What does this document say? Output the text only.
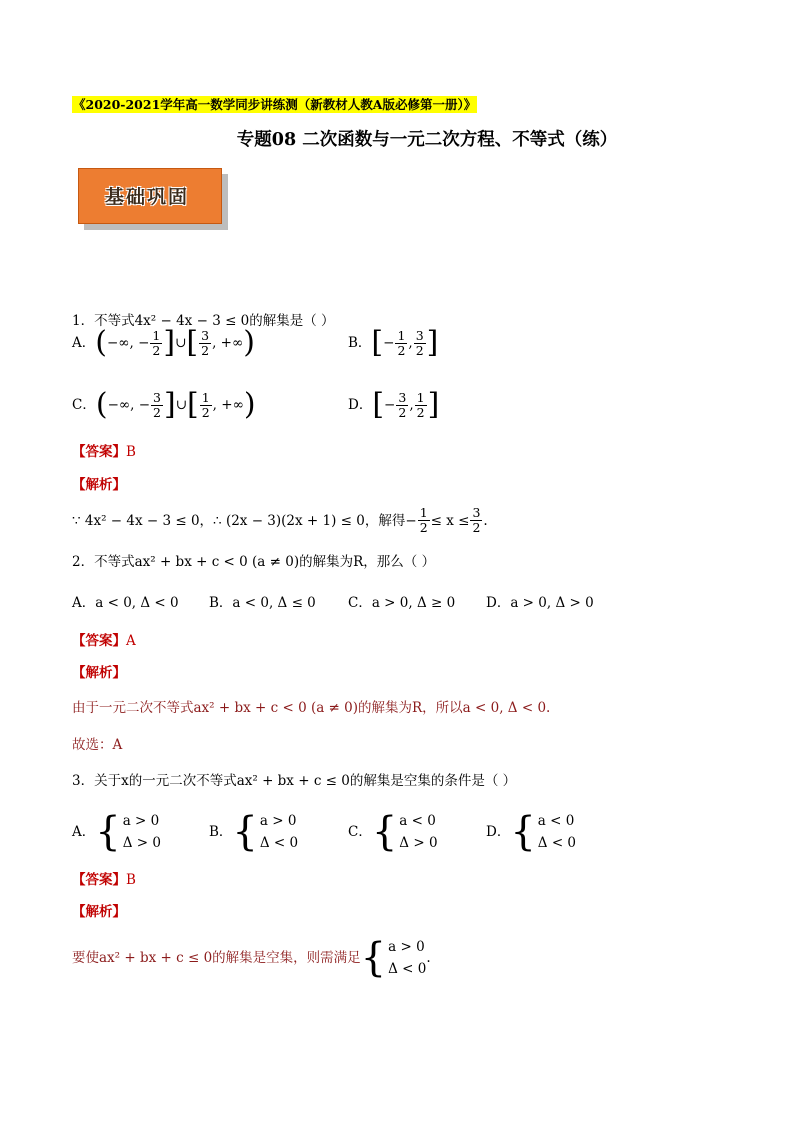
《2020-2021学年高一数学同步讲练测（新教材人教A版必修第一册）》
专题08 二次函数与一元二次方程、不等式（练）
基础巩固
1．不等式4x² − 4x − 3 ≤ 0的解集是（ ）
A． ( −∞, − $\frac{1}{2}$ ] ∪ [ $\frac{3}{2}$ , +∞ )	B． [ − $\frac{1}{2}$ , $\frac{3}{2}$ ]
C． ( −∞, − $\frac{3}{2}$ ] ∪ [ $\frac{1}{2}$ , +∞ )	D． [ − $\frac{3}{2}$ , $\frac{1}{2}$ ]
【答案】B
【解析】
∵ 4x² − 4x − 3 ≤ 0，∴ (2x − 3)(2x + 1) ≤ 0，解得 − $\frac{1}{2} \le x \le \frac{3}{2}$ .
2．不等式ax² + bx + c < 0 (a ≠ 0)的解集为R，那么（ ）
A．a < 0, Δ < 0 B．a < 0, Δ ≤ 0 C．a > 0, Δ ≥ 0 D．a > 0, Δ > 0
【答案】A
【解析】
由于一元二次不等式ax² + bx + c < 0 (a ≠ 0)的解集为R，所以a < 0, Δ < 0.
故选：A
3．关于x的一元二次不等式ax² + bx + c ≤ 0的解集是空集的条件是（ ）
A． { a > 0
Δ > 0
B． { a > 0
Δ < 0
C． { a < 0
Δ > 0
D． { a < 0
Δ < 0
【答案】B
【解析】
要使ax² + bx + c ≤ 0的解集是空集，则需满足 { a > 0
Δ < 0
.
